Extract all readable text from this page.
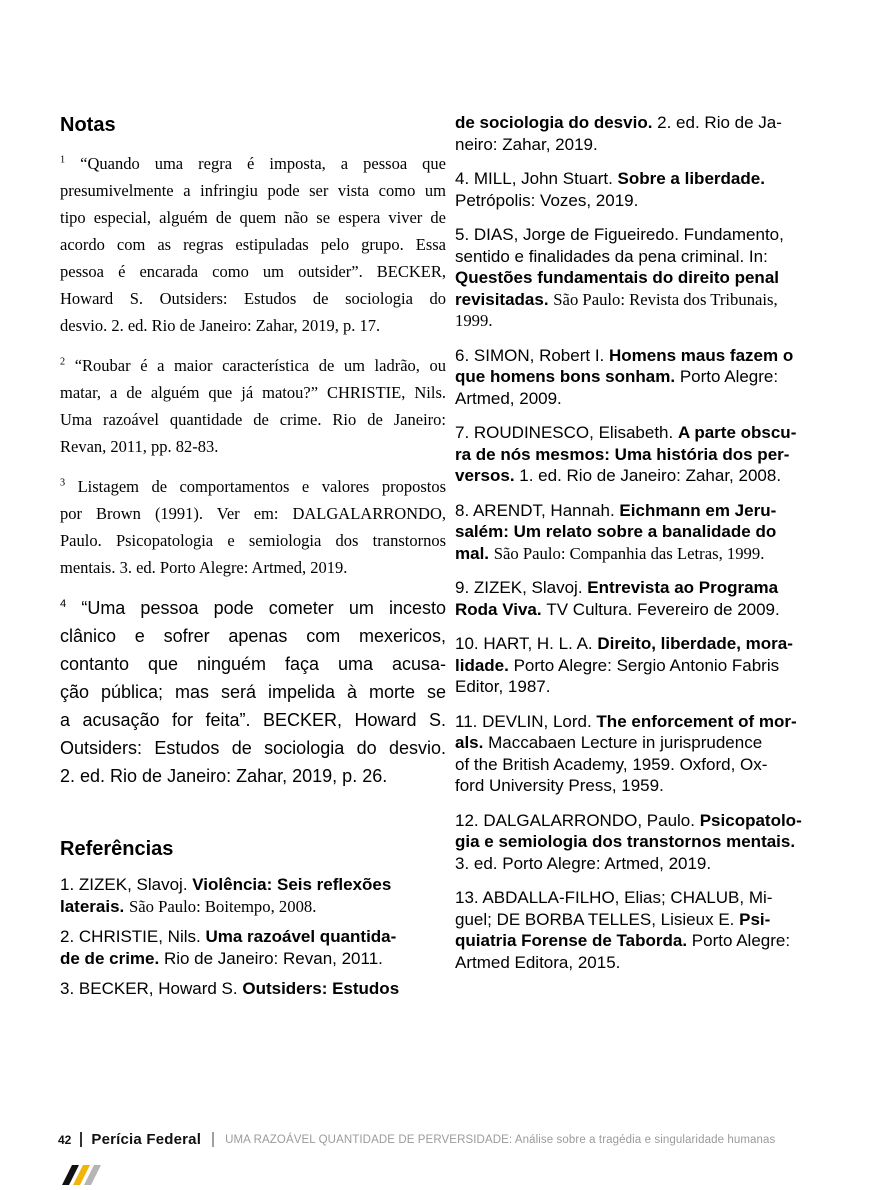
Notas
$^1$ “Quando uma regra é imposta, a pessoa que
presumivelmente a infringiu pode ser vista como um
tipo especial, alguém de quem não se espera viver de
acordo com as regras estipuladas pelo grupo. Essa
pessoa é encarada como um outsider”. BECKER,
Howard S. Outsiders: Estudos de sociologia do
desvio. 2. ed. Rio de Janeiro: Zahar, 2019, p. 17.
$^2$ “Roubar é a maior característica de um ladrão, ou
matar, a de alguém que já matou?” CHRISTIE, Nils.
Uma razoável quantidade de crime. Rio de Janeiro:
Revan, 2011, pp. 82-83.
$^3$ Listagem de comportamentos e valores propostos
por Brown (1991). Ver em: DALGALARRONDO,
Paulo. Psicopatologia e semiologia dos transtornos
mentais. 3. ed. Porto Alegre: Artmed, 2019.
$^4$ “Uma pessoa pode cometer um incesto
clânico e sofrer apenas com mexericos,
contanto que ninguém faça uma acusa-
ção pública; mas será impelida à morte se
a acusação for feita”. BECKER, Howard S.
Outsiders: Estudos de sociologia do desvio.
2. ed. Rio de Janeiro: Zahar, 2019, p. 26.
Referências
1. ZIZEK, Slavoj. Violência: Seis reflexões
laterais. São Paulo: Boitempo, 2008.
2. CHRISTIE, Nils. Uma razoável quantida-
de de crime. Rio de Janeiro: Revan, 2011.
3. BECKER, Howard S. Outsiders: Estudos
de sociologia do desvio. 2. ed. Rio de Ja-
neiro: Zahar, 2019.
4. MILL, John Stuart. Sobre a liberdade.
Petrópolis: Vozes, 2019.
5. DIAS, Jorge de Figueiredo. Fundamento,
sentido e finalidades da pena criminal. In:
Questões fundamentais do direito penal
revisitadas. São Paulo: Revista dos Tribunais,
1999.
6. SIMON, Robert I. Homens maus fazem o
que homens bons sonham. Porto Alegre:
Artmed, 2009.
7. ROUDINESCO, Elisabeth. A parte obscu-
ra de nós mesmos: Uma história dos per-
versos. 1. ed. Rio de Janeiro: Zahar, 2008.
8. ARENDT, Hannah. Eichmann em Jeru-
salém: Um relato sobre a banalidade do
mal. São Paulo: Companhia das Letras, 1999.
9. ZIZEK, Slavoj. Entrevista ao Programa
Roda Viva. TV Cultura. Fevereiro de 2009.
10. HART, H. L. A. Direito, liberdade, mora-
lidade. Porto Alegre: Sergio Antonio Fabris
Editor, 1987.
11. DEVLIN, Lord. The enforcement of mor-
als. Maccabaen Lecture in jurisprudence
of the British Academy, 1959. Oxford, Ox-
ford University Press, 1959.
12. DALGALARRONDO, Paulo. Psicopatolo-
gia e semiologia dos transtornos mentais.
3. ed. Porto Alegre: Artmed, 2019.
13. ABDALLA-FILHO, Elias; CHALUB, Mi-
guel; DE BORBA TELLES, Lisieux E. Psi-
quiatria Forense de Taborda. Porto Alegre:
Artmed Editora, 2015.
42 Perícia Federal UMA RAZOÁVEL QUANTIDADE DE PERVERSIDADE: Análise sobre a tragédia e singularidade humanas
